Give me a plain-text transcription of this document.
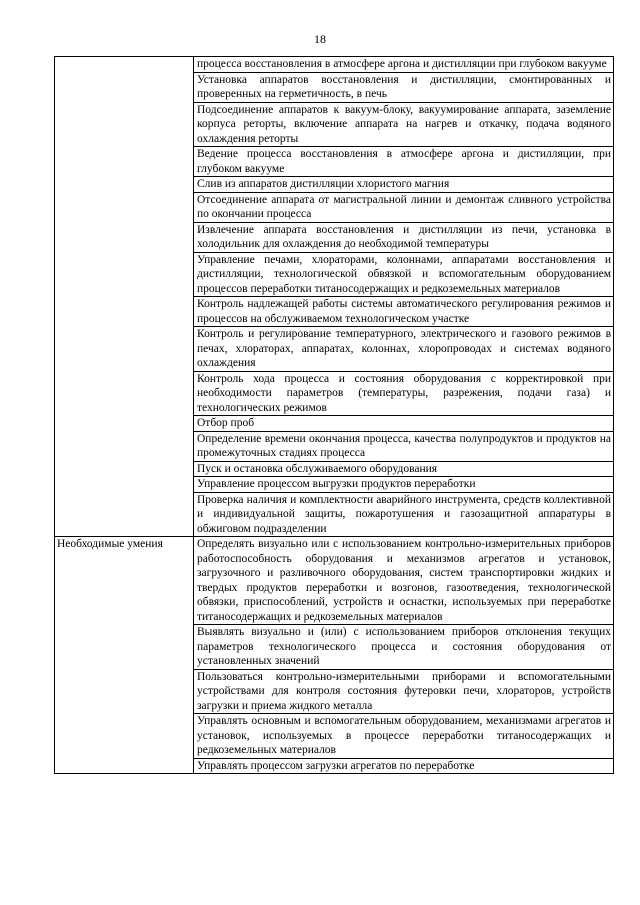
18
	процесса восстановления в атмосфере аргона и дистилляции при глубоком вакууме
	Установка аппаратов восстановления и дистилляции, смонтированных и проверенных на герметичность, в печь
	Подсоединение аппаратов к вакуум-блоку, вакуумирование аппарата, заземление корпуса реторты, включение аппарата на нагрев и откачку, подача водяного охлаждения реторты
	Ведение процесса восстановления в атмосфере аргона и дистилляции, при глубоком вакууме
	Слив из аппаратов дистилляции хлористого магния
	Отсоединение аппарата от магистральной линии и демонтаж сливного устройства по окончании процесса
	Извлечение аппарата восстановления и дистилляции из печи, установка в холодильник для охлаждения до необходимой температуры
	Управление печами, хлораторами, колоннами, аппаратами восстановления и дистилляции, технологической обвязкой и вспомогательным оборудованием процессов переработки титаносодержащих и редкоземельных материалов
	Контроль надлежащей работы системы автоматического регулирования режимов и процессов на обслуживаемом технологическом участке
	Контроль и регулирование температурного, электрического и газового режимов в печах, хлораторах, аппаратах, колоннах, хлоропроводах и системах водяного охлаждения
	Контроль хода процесса и состояния оборудования с корректировкой при необходимости параметров (температуры, разрежения, подачи газа) и технологических режимов
	Отбор проб
	Определение времени окончания процесса, качества полупродуктов и продуктов на промежуточных стадиях процесса
	Пуск и остановка обслуживаемого оборудования
	Управление процессом выгрузки продуктов переработки
	Проверка наличия и комплектности аварийного инструмента, средств коллективной и индивидуальной защиты, пожаротушения и газозащитной аппаратуры в обжиговом подразделении
Необходимые умения	Определять визуально или с использованием контрольно-измерительных приборов работоспособность оборудования и механизмов агрегатов и установок, загрузочного и разливочного оборудования, систем транспортировки жидких и твердых продуктов переработки и возгонов, газоотведения, технологической обвязки, приспособлений, устройств и оснастки, используемых при переработке титаносодержащих и редкоземельных материалов
	Выявлять визуально и (или) с использованием приборов отклонения текущих параметров технологического процесса и состояния оборудования от установленных значений
	Пользоваться контрольно-измерительными приборами и вспомогательными устройствами для контроля состояния футеровки печи, хлораторов, устройств загрузки и приема жидкого металла
	Управлять основным и вспомогательным оборудованием, механизмами агрегатов и установок, используемых в процессе переработки титаносодержащих и редкоземельных материалов
	Управлять процессом загрузки агрегатов по переработке
